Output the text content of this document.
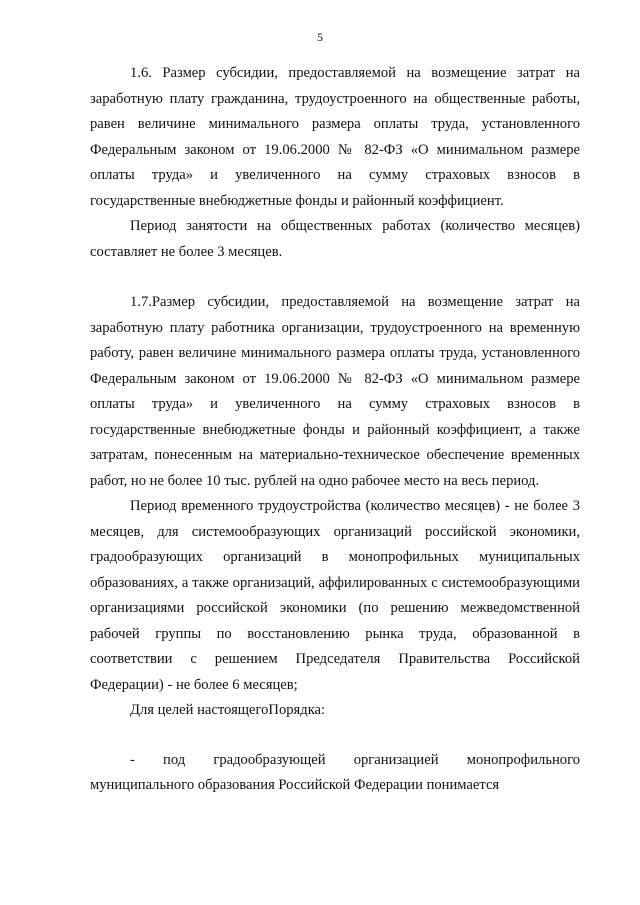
5

1.6. Размер субсидии, предоставляемой на возмещение затрат на заработную плату гражданина, трудоустроенного на общественные работы, равен величине минимального размера оплаты труда, установленного Федеральным законом от 19.06.2000 № 82-ФЗ «О минимальном размере оплаты труда» и увеличенного на сумму страховых взносов в государственные внебюджетные фонды и районный коэффициент.

Период занятости на общественных работах (количество месяцев) составляет не более 3 месяцев.

1.7.Размер субсидии, предоставляемой на возмещение затрат на заработную плату работника организации, трудоустроенного на временную работу, равен величине минимального размера оплаты труда, установленного Федеральным законом от 19.06.2000 № 82-ФЗ «О минимальном размере оплаты труда» и увеличенного на сумму страховых взносов в государственные внебюджетные фонды и районный коэффициент, а также затратам, понесенным на материально-техническое обеспечение временных работ, но не более 10 тыс. рублей на одно рабочее место на весь период.

Период временного трудоустройства (количество месяцев) - не более 3 месяцев, для системообразующих организаций российской экономики, градообразующих организаций в монопрофильных муниципальных образованиях, а также организаций, аффилированных с системообразующими организациями российской экономики (по решению межведомственной рабочей группы по восстановлению рынка труда, образованной в соответствии с решением Председателя Правительства Российской Федерации) - не более 6 месяцев;

Для целей настоящегоПорядка:

- под градообразующей организацией монопрофильного муниципального образования Российской Федерации понимается
